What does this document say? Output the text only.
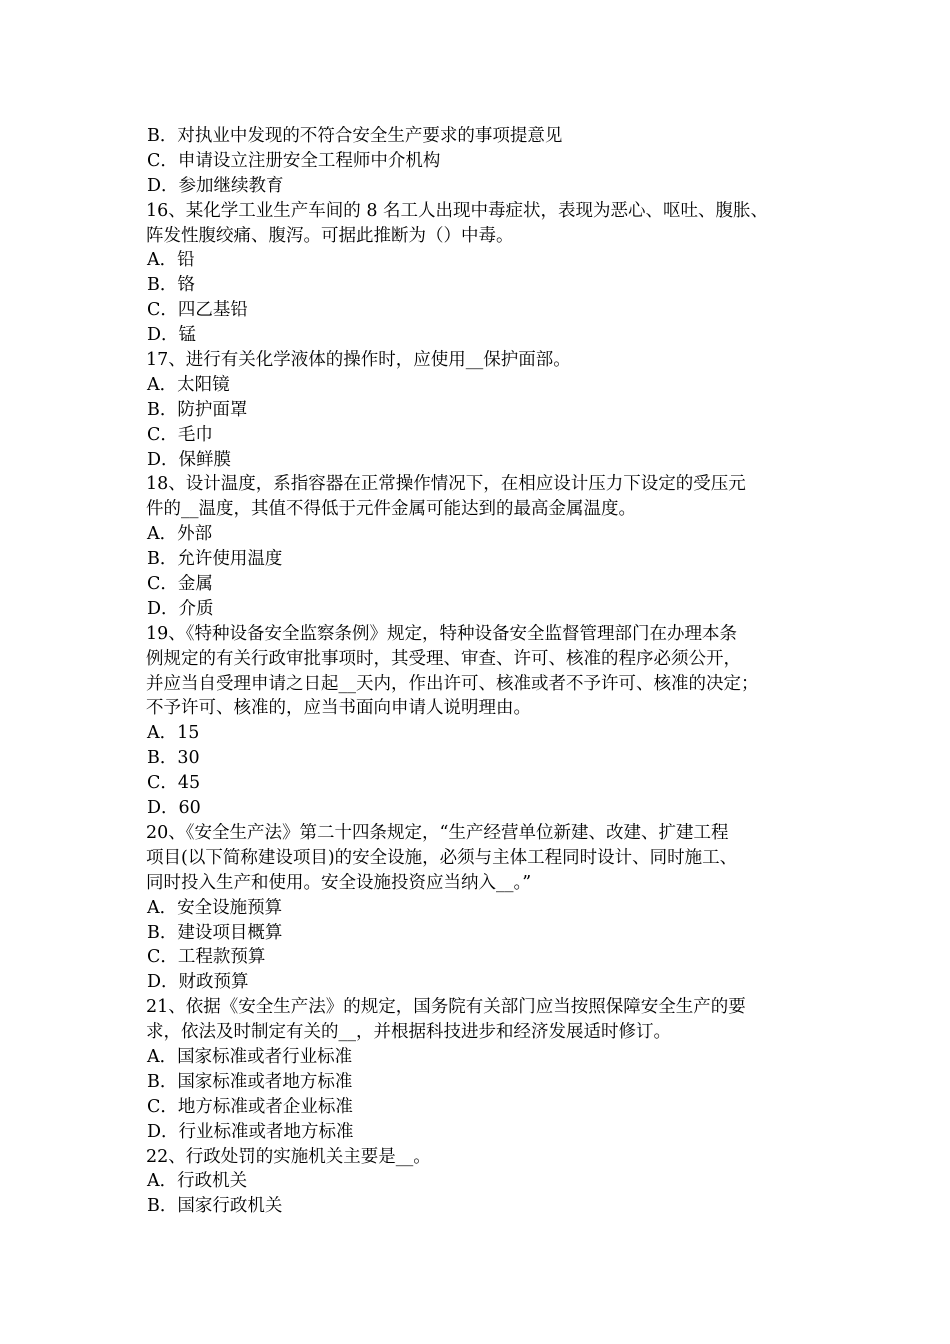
B．对执业中发现的不符合安全生产要求的事项提意见
C．申请设立注册安全工程师中介机构
D．参加继续教育
16、某化学工业生产车间的 8 名工人出现中毒症状，表现为恶心、呕吐、腹胀、
阵发性腹绞痛、腹泻。可据此推断为（）中毒。
A．铅
B．铬
C．四乙基铅
D．锰
17、进行有关化学液体的操作时，应使用__保护面部。
A．太阳镜
B．防护面罩
C．毛巾
D．保鲜膜
18、设计温度，系指容器在正常操作情况下，在相应设计压力下设定的受压元
件的__温度，其值不得低于元件金属可能达到的最高金属温度。
A．外部
B．允许使用温度
C．金属
D．介质
19、《特种设备安全监察条例》规定，特种设备安全监督管理部门在办理本条
例规定的有关行政审批事项时，其受理、审查、许可、核准的程序必须公开，
并应当自受理申请之日起__天内，作出许可、核准或者不予许可、核准的决定；
不予许可、核准的，应当书面向申请人说明理由。
A．15
B．30
C．45
D．60
20、《安全生产法》第二十四条规定，“生产经营单位新建、改建、扩建工程
项目(以下简称建设项目)的安全设施，必须与主体工程同时设计、同时施工、
同时投入生产和使用。安全设施投资应当纳入__。”
A．安全设施预算
B．建设项目概算
C．工程款预算
D．财政预算
21、依据《安全生产法》的规定，国务院有关部门应当按照保障安全生产的要
求，依法及时制定有关的__，并根据科技进步和经济发展适时修订。
A．国家标准或者行业标准
B．国家标准或者地方标准
C．地方标准或者企业标准
D．行业标准或者地方标准
22、行政处罚的实施机关主要是__。
A．行政机关
B．国家行政机关
